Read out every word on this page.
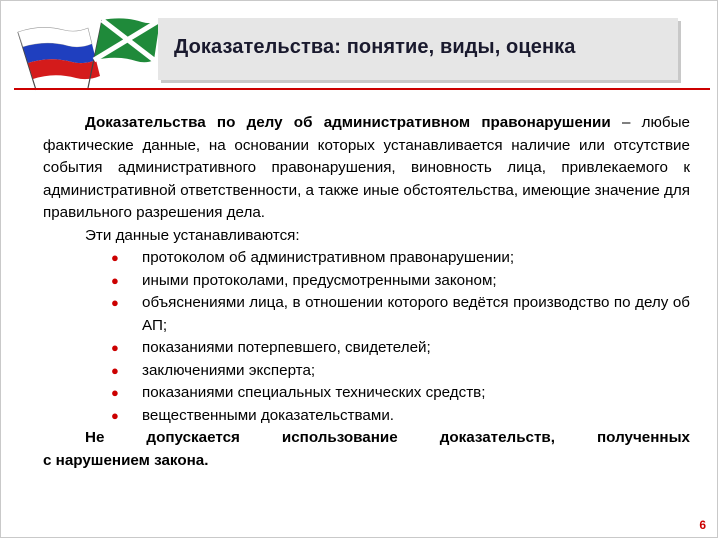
Доказательства: понятие, виды, оценка

Доказательства по делу об административном правонарушении – любые фактические данные, на основании которых устанавливается наличие или отсутствие события административного правонарушения, виновность лица, привлекаемого к административной ответственности, а также иные обстоятельства, имеющие значение для правильного разрешения дела.

Эти данные устанавливаются:

● протоколом об административном правонарушении;
● иными протоколами, предусмотренными законом;
● объяснениями лица, в отношении которого ведётся производство по делу об АП;
● показаниями потерпевшего, свидетелей;
● заключениями эксперта;
● показаниями специальных технических средств;
● вещественными доказательствами.

Не допускается использование доказательств, полученных

с нарушением закона.

6
